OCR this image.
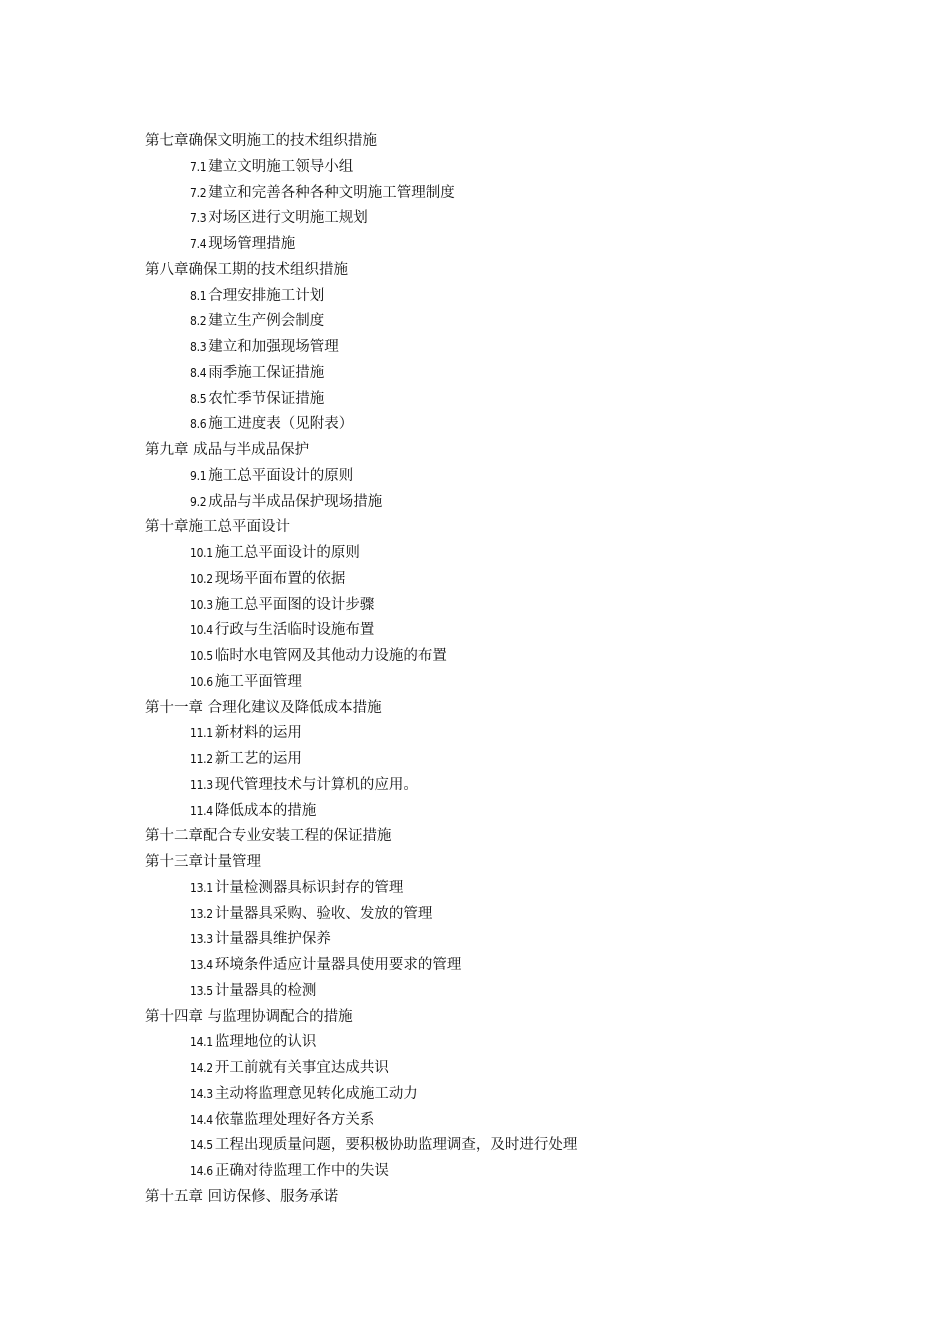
第七章确保文明施工的技术组织措施
7.1 建立文明施工领导小组
7.2 建立和完善各种各种文明施工管理制度
7.3 对场区进行文明施工规划
7.4 现场管理措施
第八章确保工期的技术组织措施
8.1 合理安排施工计划
8.2 建立生产例会制度
8.3 建立和加强现场管理
8.4 雨季施工保证措施
8.5 农忙季节保证措施
8.6 施工进度表（见附表）
第九章 成品与半成品保护
9.1 施工总平面设计的原则
9.2 成品与半成品保护现场措施
第十章施工总平面设计
10.1 施工总平面设计的原则
10.2 现场平面布置的依据
10.3 施工总平面图的设计步骤
10.4 行政与生活临时设施布置
10.5 临时水电管网及其他动力设施的布置
10.6 施工平面管理
第十一章 合理化建议及降低成本措施
11.1 新材料的运用
11.2 新工艺的运用
11.3 现代管理技术与计算机的应用。
11.4 降低成本的措施
第十二章配合专业安装工程的保证措施
第十三章计量管理
13.1 计量检测器具标识封存的管理
13.2 计量器具采购、验收、发放的管理
13.3 计量器具维护保养
13.4 环境条件适应计量器具使用要求的管理
13.5 计量器具的检测
第十四章 与监理协调配合的措施
14.1 监理地位的认识
14.2 开工前就有关事宜达成共识
14.3 主动将监理意见转化成施工动力
14.4 依靠监理处理好各方关系
14.5 工程出现质量问题，要积极协助监理调查，及时进行处理
14.6 正确对待监理工作中的失误
第十五章 回访保修、服务承诺
